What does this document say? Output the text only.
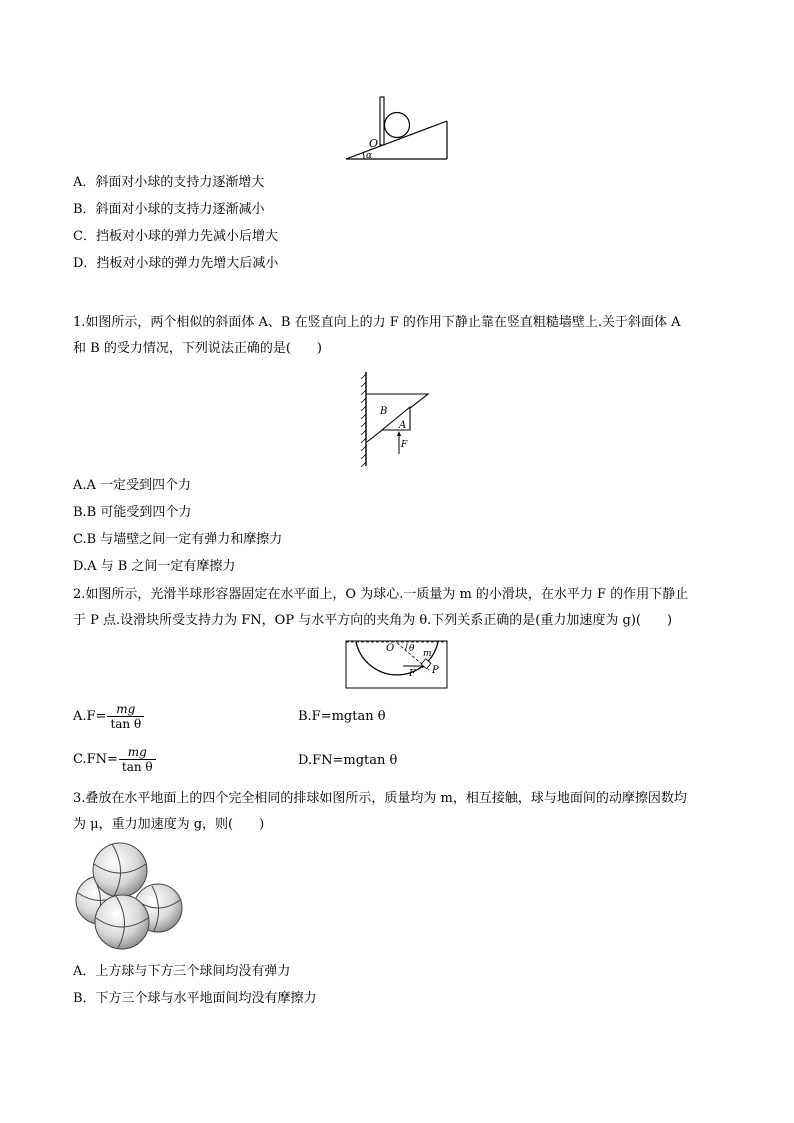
O
α
A．斜面对小球的支持力逐渐增大
B．斜面对小球的支持力逐渐减小
C．挡板对小球的弹力先减小后增大
D．挡板对小球的弹力先增大后减小
1.如图所示，两个相似的斜面体 A、B 在竖直向上的力 F 的作用下静止靠在竖直粗糙墙壁上.关于斜面体 A
和 B 的受力情况，下列说法正确的是(　　)
B
A
F
A.A 一定受到四个力
B.B 可能受到四个力
C.B 与墙壁之间一定有弹力和摩擦力
D.A 与 B 之间一定有摩擦力
2.如图所示，光滑半球形容器固定在水平面上，O 为球心.一质量为 m 的小滑块，在水平力 F 的作用下静止
于 P 点.设滑块所受支持力为 FN，OP 与水平方向的夹角为 θ.下列关系正确的是(重力加速度为 g)(　　)
O θ m
F P
$A.F= \frac{mg}{\text{tan θ}}$	B.F=mgtan θ
$C.FN= \frac{mg}{\text{tan θ}}$	D.FN=mgtan θ
3.叠放在水平地面上的四个完全相同的排球如图所示，质量均为 m，相互接触，球与地面间的动摩擦因数均
为 μ，重力加速度为 g，则(　　)
A．上方球与下方三个球间均没有弹力
B．下方三个球与水平地面间均没有摩擦力
